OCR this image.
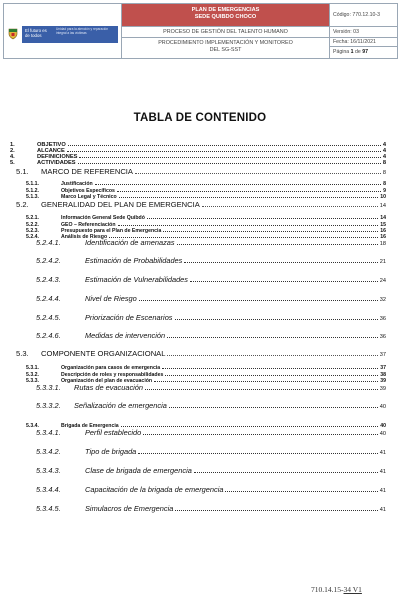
El futuro es de todos
Unidad para la atención y reparación integral a las víctimas
PLAN DE EMERGENCIAS
SEDE QUIBDO CHOCO
PROCESO DE GESTIÓN DEL TALENTO HUMANO
PROCEDIMIENTO IMPLEMENTACIÓN Y MONITOREO
DEL SG-SST
Código: 770.12.10-3
Versión: 03
Fecha: 16/11/2021
Página 1 de 97
TABLA DE CONTENIDO
1.	OBJETIVO	4
2.	ALCANCE	4
4.	DEFINICIONES	4
5.	ACTIVIDADES	8
5.1.	MARCO DE REFERENCIA	8
5.1.1.	Justificación	8
5.1.2.	Objetivos Específicos	9
5.1.3.	Marco Legal y Técnico	10
5.2.	GENERALIDAD DEL PLAN DE EMERGENCIA	14
5.2.1.	Información General Sede Quibdó	14
5.2.2.	GEO – Referenciación	15
5.2.3.	Presupuesto para el Plan de Emergencia	16
5.2.4.	Análisis de Riesgo	16
5.2.4.1.	Identificación de amenazas	18
5.2.4.2.	Estimación de Probabilidades	21
5.2.4.3.	Estimación de Vulnerabilidades	24
5.2.4.4.	Nivel de Riesgo	32
5.2.4.5.	Priorización de Escenarios	36
5.2.4.6.	Medidas de intervención	36
5.3.	COMPONENTE ORGANIZACIONAL	37
5.3.1.	Organización para casos de emergencia	37
5.3.2.	Descripción de roles y responsabilidades	38
5.3.3.	Organización del plan de evacuación	39
5.3.3.1.	Rutas de evacuación	39
5.3.3.2.	Señalización de emergencia	40
5.3.4.	Brigada de Emergencia	40
5.3.4.1.	Perfil establecido	40
5.3.4.2.	Tipo de brigada	41
5.3.4.3.	Clase de brigada de emergencia	41
5.3.4.4.	Capacitación de la brigada de emergencia	41
5.3.4.5.	Simulacros de Emergencia	41
710.14.15-34 V1
